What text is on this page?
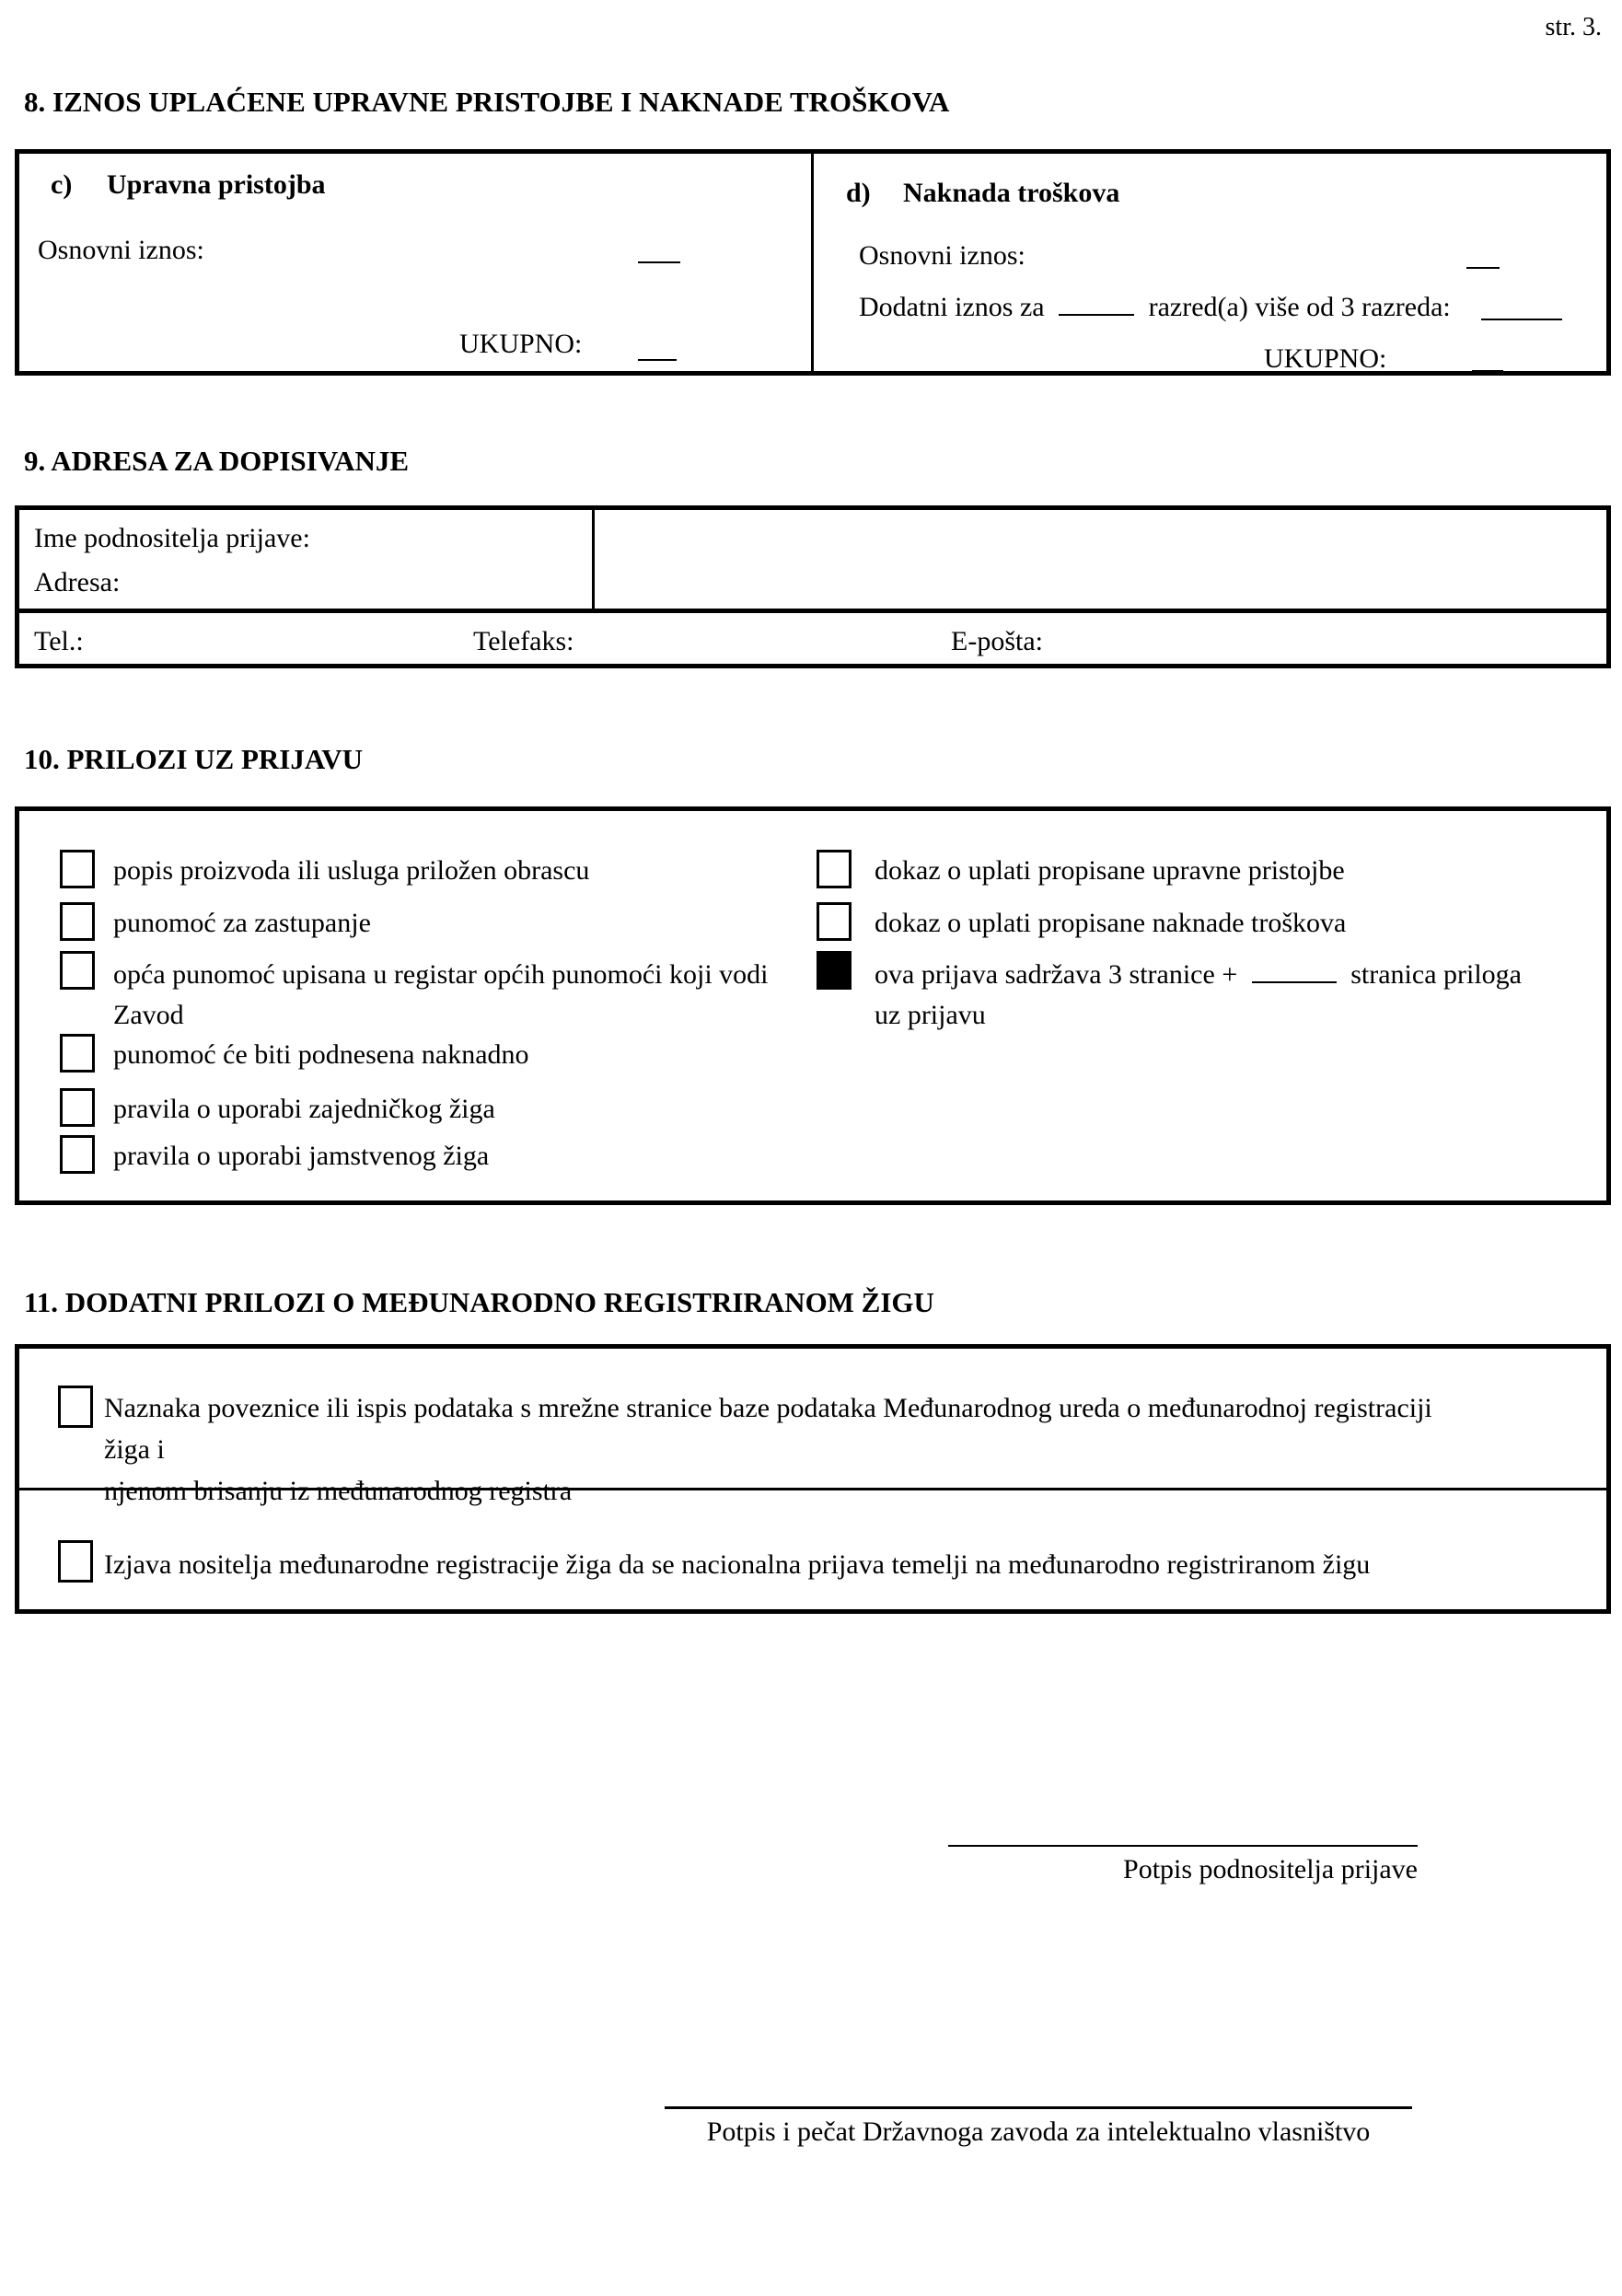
str. 3.
8. IZNOS UPLAĆENE UPRAVNE PRISTOJBE I NAKNADE TROŠKOVA
c) Upravna pristojba
Osnovni iznos:
UKUPNO:
d) Naknada troškova
Osnovni iznos:
Dodatni iznos za	razred(a) više od 3 razreda:
UKUPNO:
9. ADRESA ZA DOPISIVANJE
Ime podnositelja prijave:
Adresa:
Tel.:	Telefaks:	E-pošta:
10. PRILOZI UZ PRIJAVU
popis proizvoda ili usluga priložen obrascu
punomoć za zastupanje
opća punomoć upisana u registar općih punomoći koji vodi
Zavod
punomoć će biti podnesena naknadno
pravila o uporabi zajedničkog žiga
pravila o uporabi jamstvenog žiga
dokaz o uplati propisane upravne pristojbe
dokaz o uplati propisane naknade troškova
ova prijava sadržava 3 stranice +	stranica priloga
uz prijavu
11. DODATNI PRILOZI O MEĐUNARODNO REGISTRIRANOM ŽIGU
Naznaka poveznice ili ispis podataka s mrežne stranice baze podataka Međunarodnog ureda o međunarodnoj registraciji žiga i
njenom brisanju iz međunarodnog registra
Izjava nositelja međunarodne registracije žiga da se nacionalna prijava temelji na međunarodno registriranom žigu
Potpis podnositelja prijave
Potpis i pečat Državnoga zavoda za intelektualno vlasništvo
